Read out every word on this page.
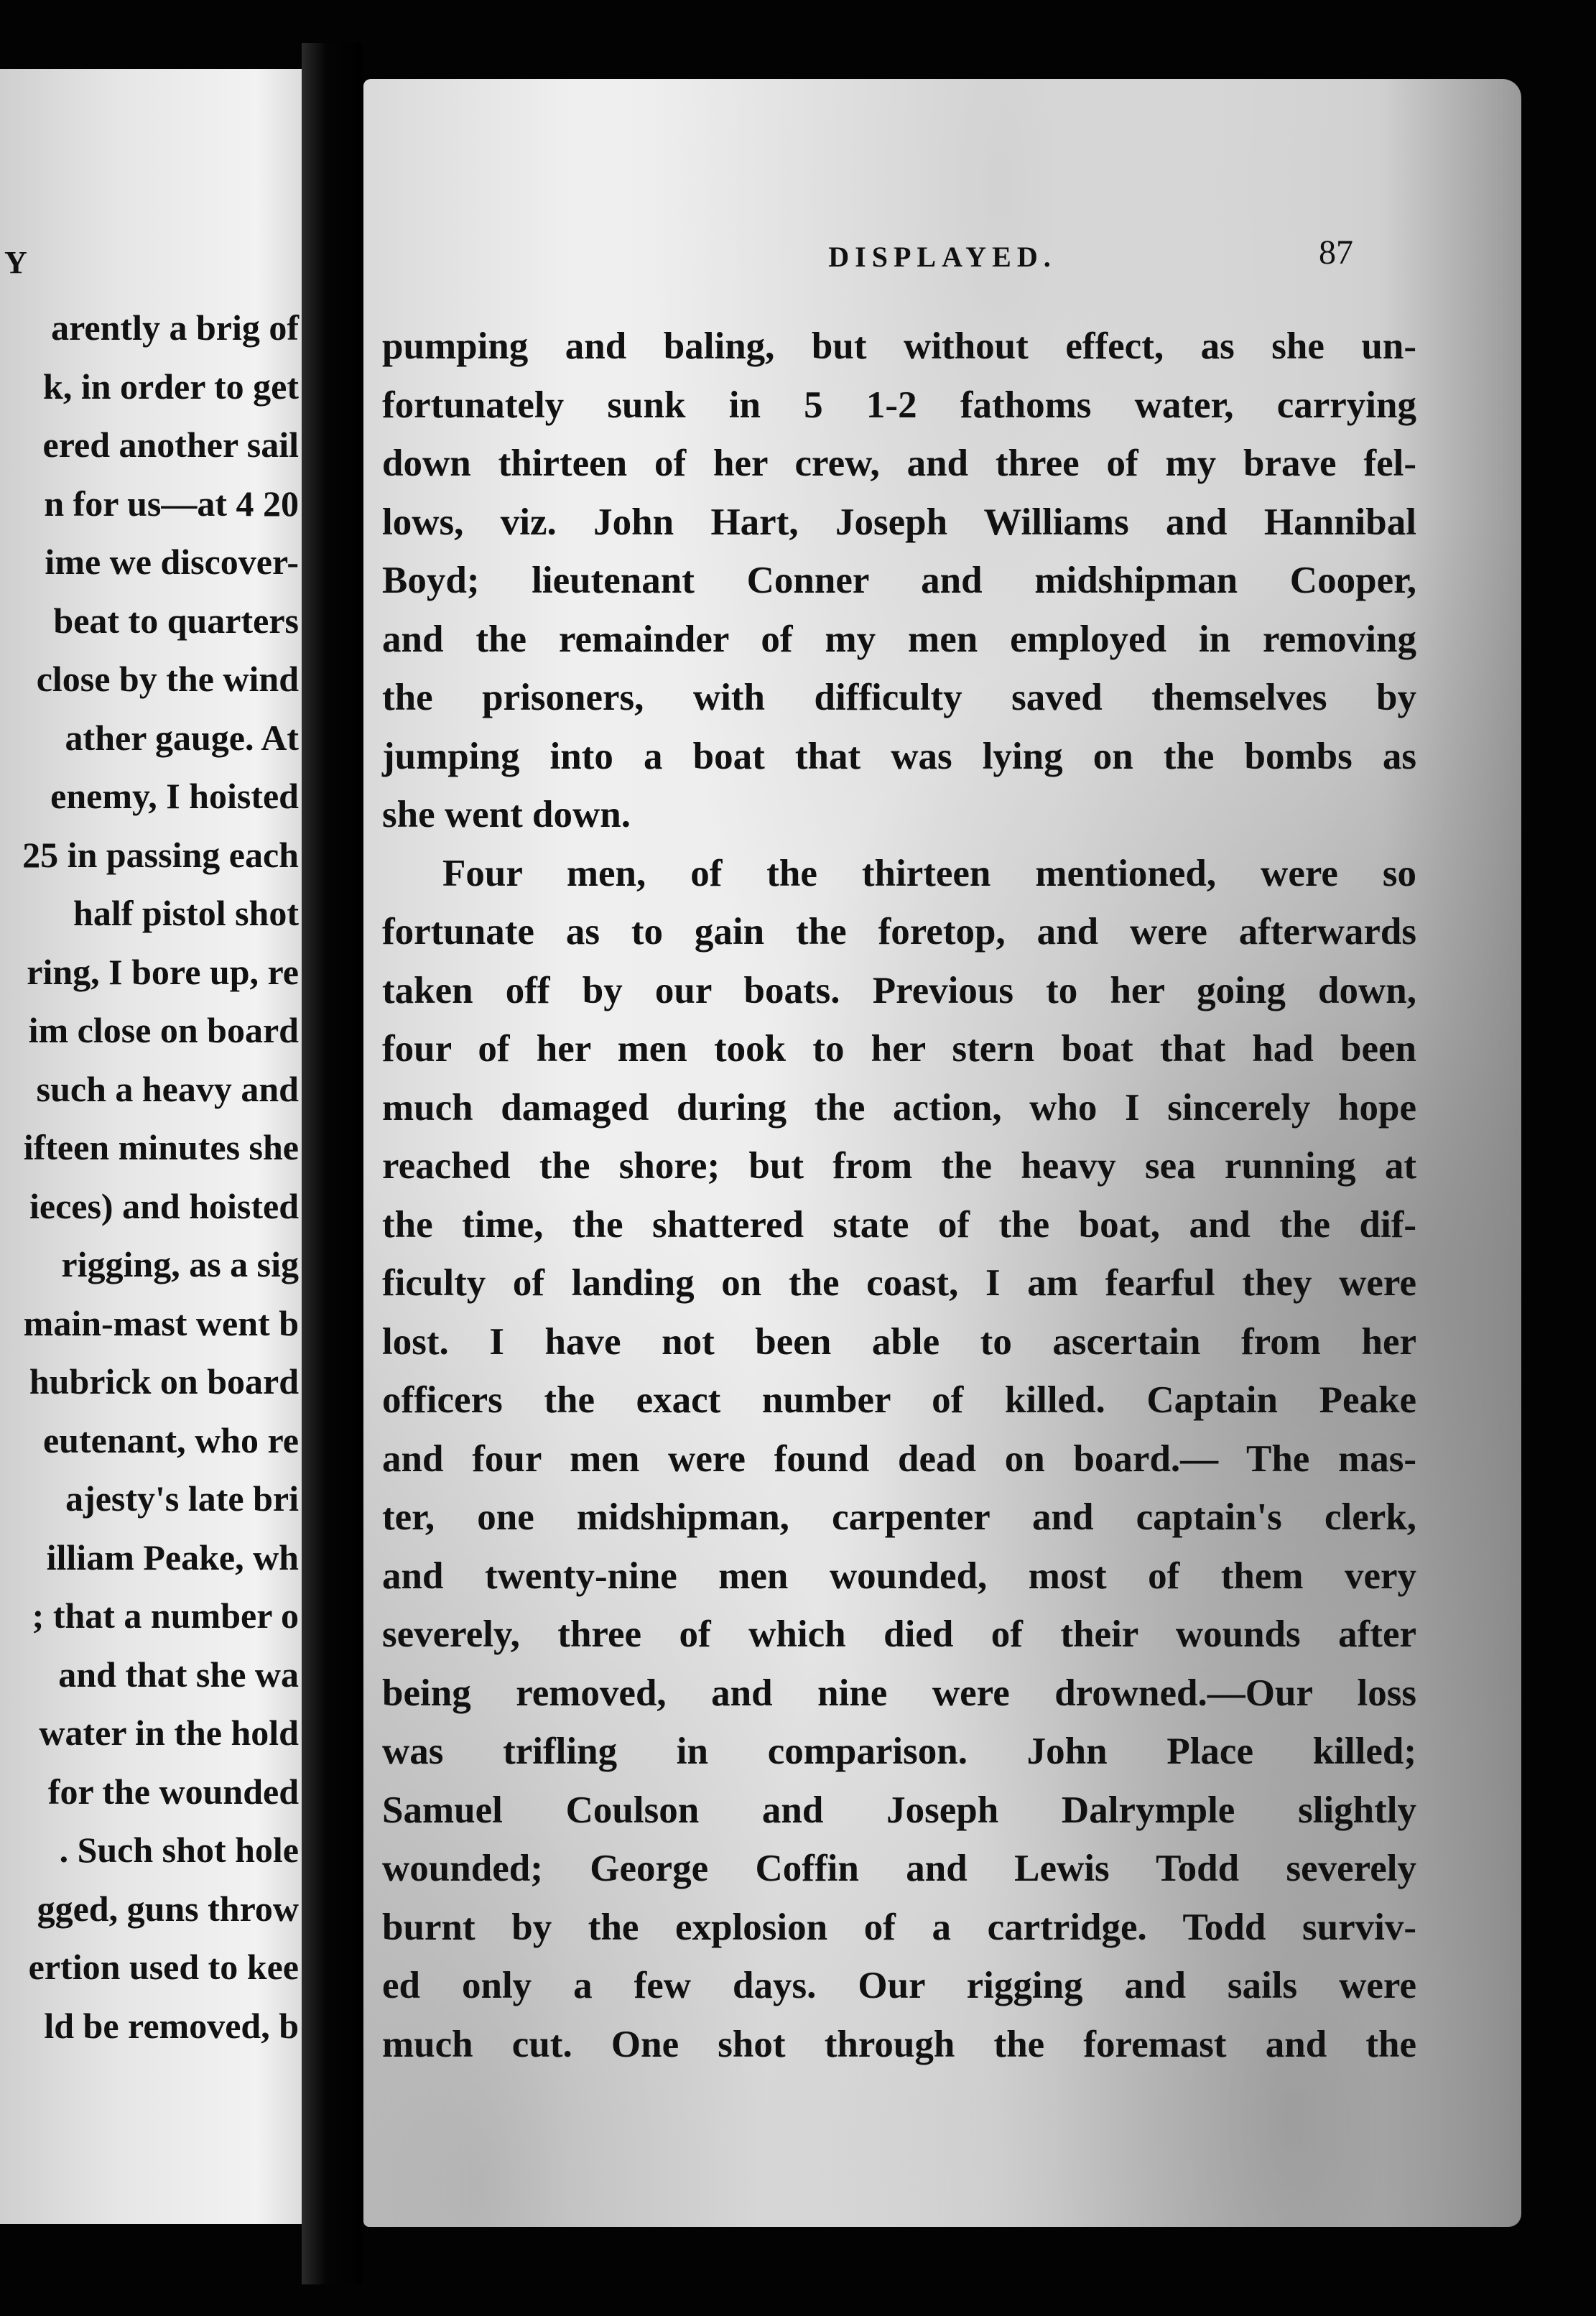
Y
arently a brig of
k, in order to get
ered another sail
n for us—at 4 20
ime we discover-
beat to quarters
close by the wind
ather gauge. At
enemy, I hoisted
25 in passing each
half pistol shot
ring, I bore up, re
im close on board
such a heavy and
ifteen minutes she
ieces) and hoisted
rigging, as a sig
main-mast went b
hubrick on board
eutenant, who re
ajesty's late bri
illiam Peake, wh
; that a number o
and that she wa
water in the hold
for the wounded
. Such shot hole
gged, guns throw
ertion used to kee
ld be removed, b
DISPLAYED.	87
pumping and baling, but without effect, as she un-
fortunately sunk in 5 1-2 fathoms water, carrying
down thirteen of her crew, and three of my brave fel-
lows, viz. John Hart, Joseph Williams and Hannibal
Boyd; lieutenant Conner and midshipman Cooper,
and the remainder of my men employed in removing
the prisoners, with difficulty saved themselves by
jumping into a boat that was lying on the bombs as
she went down.
Four men, of the thirteen mentioned, were so
fortunate as to gain the foretop, and were afterwards
taken off by our boats. Previous to her going down,
four of her men took to her stern boat that had been
much damaged during the action, who I sincerely hope
reached the shore; but from the heavy sea running at
the time, the shattered state of the boat, and the dif-
ficulty of landing on the coast, I am fearful they were
lost. I have not been able to ascertain from her
officers the exact number of killed. Captain Peake
and four men were found dead on board.— The mas-
ter, one midshipman, carpenter and captain's clerk,
and twenty-nine men wounded, most of them very
severely, three of which died of their wounds after
being removed, and nine were drowned.—Our loss
was trifling in comparison. John Place killed;
Samuel Coulson and Joseph Dalrymple slightly
wounded; George Coffin and Lewis Todd severely
burnt by the explosion of a cartridge. Todd surviv-
ed only a few days. Our rigging and sails were
much cut. One shot through the foremast and the
